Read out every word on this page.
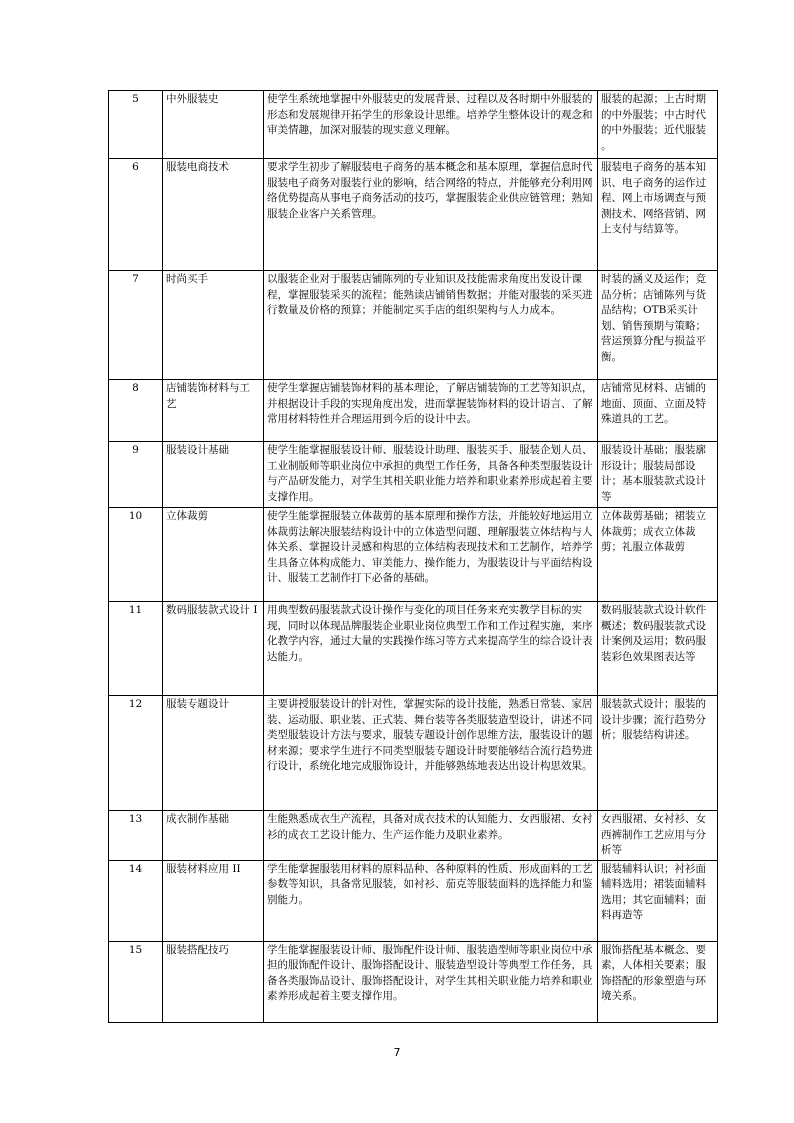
5	中外服装史	使学生系统地掌握中外服装史的发展背景、过程以及各时期中外服装的形态和发展规律开拓学生的形象设计思维。培养学生整体设计的观念和审美情趣，加深对服装的现实意义理解。	服装的起源；上古时期的中外服装；中古时代的中外服装；近代服装 。
6	服装电商技术	要求学生初步了解服装电子商务的基本概念和基本原理，掌握信息时代服装电子商务对服装行业的影响，结合网络的特点，并能够充分利用网络优势提高从事电子商务活动的技巧，掌握服装企业供应链管理；熟知服装企业客户关系管理。	服装电子商务的基本知识、电子商务的运作过程、网上市场调查与预测技术、网络营销、网上支付与结算等。
7	时尚买手	以服装企业对于服装店铺陈列的专业知识及技能需求角度出发设计课程，掌握服装采买的流程；能熟读店铺销售数据；并能对服装的采买进行数量及价格的预算；并能制定买手店的组织架构与人力成本。	时装的涵义及运作；竞品分析；店铺陈列与货品结构；OTB采买计划、销售预期与策略；营运预算分配与损益平衡。
8	店铺装饰材料与工艺	使学生掌握店铺装饰材料的基本理论，了解店铺装饰的工艺等知识点，并根据设计手段的实现角度出发，进而掌握装饰材料的设计语言、了解常用材料特性并合理运用到今后的设计中去。	店铺常见材料、店铺的地面、顶面、立面及特殊道具的工艺。
9	服装设计基础	使学生能掌握服装设计师、服装设计助理、服装买手、服装企划人员、工业制版师等职业岗位中承担的典型工作任务，具备各种类型服装设计与产品研发能力，对学生其相关职业能力培养和职业素养形成起着主要支撑作用。	服装设计基础；服装廓形设计；服装局部设计；基本服装款式设计等
10	立体裁剪	使学生能掌握服装立体裁剪的基本原理和操作方法，并能较好地运用立体裁剪法解决服装结构设计中的立体造型问题、理解服装立体结构与人体关系、掌握设计灵感和构思的立体结构表现技术和工艺制作，培养学生具备立体构成能力、审美能力、操作能力，为服装设计与平面结构设计、服装工艺制作打下必备的基础。	立体裁剪基础；裙装立体裁剪；成衣立体裁剪；礼服立体裁剪
11	数码服装款式设计 I	用典型数码服装款式设计操作与变化的项目任务来充实教学目标的实现，同时以体现品牌服装企业职业岗位典型工作和工作过程实施，来序化教学内容，通过大量的实践操作练习等方式来提高学生的综合设计表达能力。	数码服装款式设计软件概述；数码服装款式设计案例及运用；数码服装彩色效果图表达等
12	服装专题设计	主要讲授服装设计的针对性，掌握实际的设计技能，熟悉日常装、家居装、运动服、职业装、正式装、舞台装等各类服装造型设计，讲述不同类型服装设计方法与要求，服装专题设计创作思维方法，服装设计的题材来源；要求学生进行不同类型服装专题设计时要能够结合流行趋势进行设计，系统化地完成服饰设计，并能够熟练地表达出设计构思效果。	服装款式设计；服装的设计步骤；流行趋势分析；服装结构讲述。
13	成衣制作基础	生能熟悉成衣生产流程，具备对成衣技术的认知能力、女西服裙、女衬衫的成衣工艺设计能力、生产运作能力及职业素养。	女西服裙、女衬衫、女西裤制作工艺应用与分析等
14	服装材料应用 II	学生能掌握服装用材料的原料品种、各种原料的性质、形成面料的工艺参数等知识，具备常见服装，如衬衫、茄克等服装面料的选择能力和鉴别能力。	服装辅料认识；衬衫面辅料选用；裙装面辅料选用；其它面辅料；面料再造等
15	服装搭配技巧	学生能掌握服装设计师、服饰配件设计师、服装造型师等职业岗位中承担的服饰配件设计、服饰搭配设计、服装造型设计等典型工作任务，具备各类服饰品设计、服饰搭配设计，对学生其相关职业能力培养和职业素养形成起着主要支撑作用。	服饰搭配基本概念、要素，人体相关要素；服饰搭配的形象塑造与环境关系。
7
